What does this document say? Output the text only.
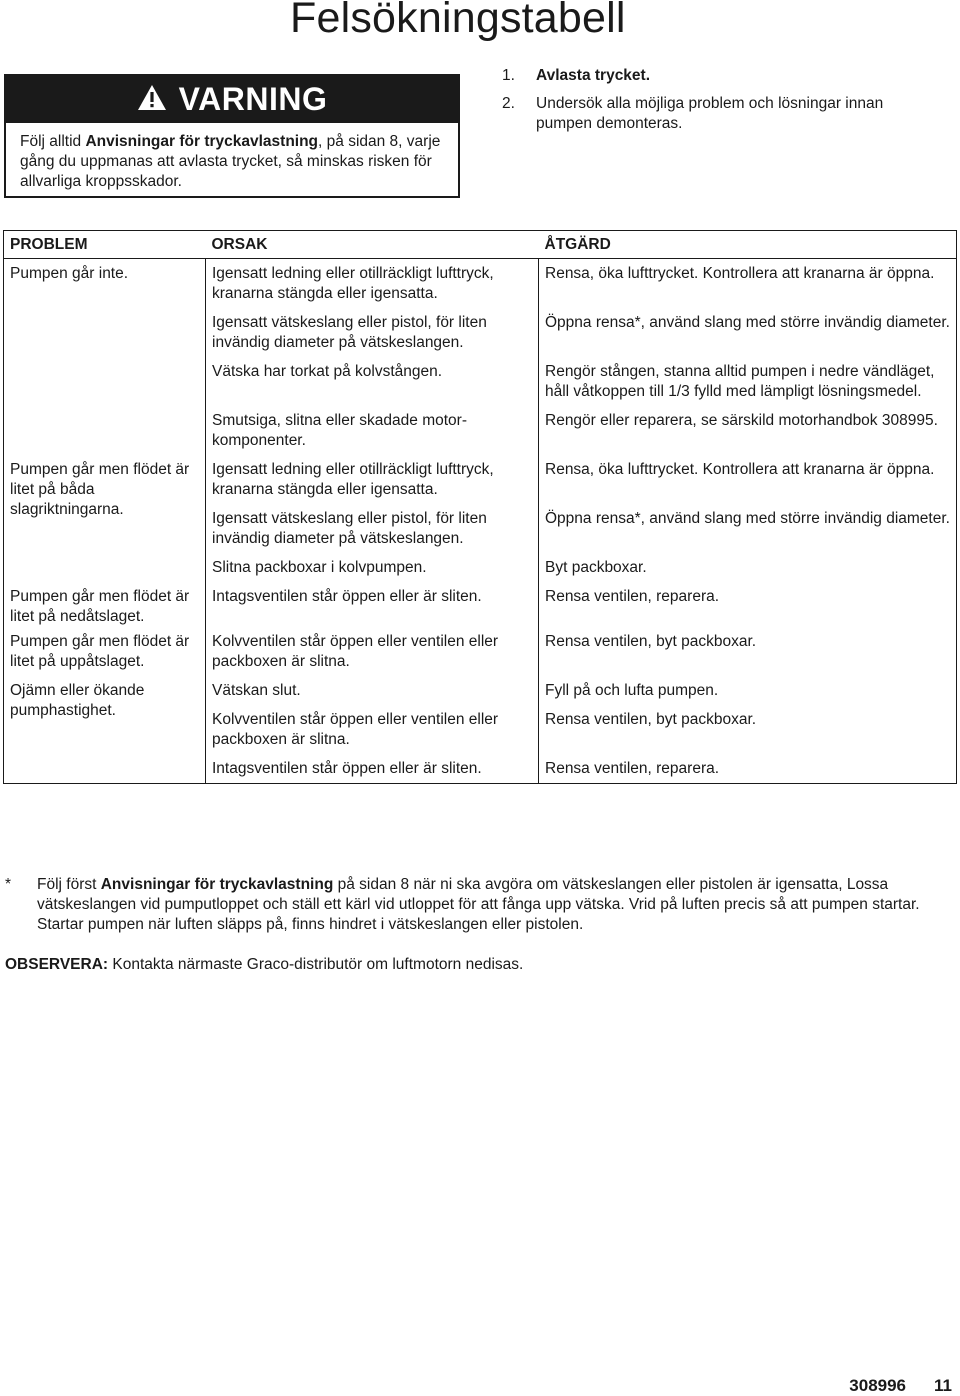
Felsökningstabell
VARNING
Följ alltid Anvisningar för tryckavlastning, på sidan 8, varje gång du uppmanas att avlasta trycket, så minskas risken för allvarliga kroppsskador.
1.	Avlasta trycket.
2.	Undersök alla möjliga problem och lösningar innan pumpen demonteras.
PROBLEM	ORSAK	ÅTGÄRD
Pumpen går inte.	Igensatt ledning eller otillräckligt lufttryck, kranarna stängda eller igensatta.	Rensa, öka lufttrycket. Kontrollera att kranarna är öppna.
	Igensatt vätskeslang eller pistol, för liten invändig diameter på vätskeslangen.	Öppna rensa*, använd slang med större invändig diameter.
	Vätska har torkat på kolvstången.	Rengör stången, stanna alltid pumpen i nedre vändläget, håll våtkoppen till 1/3 fylld med lämpligt lösningsmedel.
	Smutsiga, slitna eller skadade motor-komponenter.	Rengör eller reparera, se särskild motorhandbok 308995.
Pumpen går men flödet är litet på båda slagriktningarna.	Igensatt ledning eller otillräckligt lufttryck, kranarna stängda eller igensatta.	Rensa, öka lufttrycket. Kontrollera att kranarna är öppna.
	Igensatt vätskeslang eller pistol, för liten invändig diameter på vätskeslangen.	Öppna rensa*, använd slang med större invändig diameter.
	Slitna packboxar i kolvpumpen.	Byt packboxar.
Pumpen går men flödet är litet på nedåtslaget.	Intagsventilen står öppen eller är sliten.	Rensa ventilen, reparera.
Pumpen går men flödet är litet på uppåtslaget.	Kolvventilen står öppen eller ventilen eller packboxen är slitna.	Rensa ventilen, byt packboxar.
Ojämn eller ökande pumphastighet.	Vätskan slut.	Fyll på och lufta pumpen.
	Kolvventilen står öppen eller ventilen eller packboxen är slitna.	Rensa ventilen, byt packboxar.
	Intagsventilen står öppen eller är sliten.	Rensa ventilen, reparera.
*	Följ först Anvisningar för tryckavlastning på sidan 8 när ni ska avgöra om vätskeslangen eller pistolen är igensatta, Lossa vätskeslangen vid pumputloppet och ställ ett kärl vid utloppet för att fånga upp vätska. Vrid på luften precis så att pumpen startar. Startar pumpen när luften släpps på, finns hindret i vätskeslangen eller pistolen.
OBSERVERA: Kontakta närmaste Graco-distributör om luftmotorn nedisas.
308996 11
